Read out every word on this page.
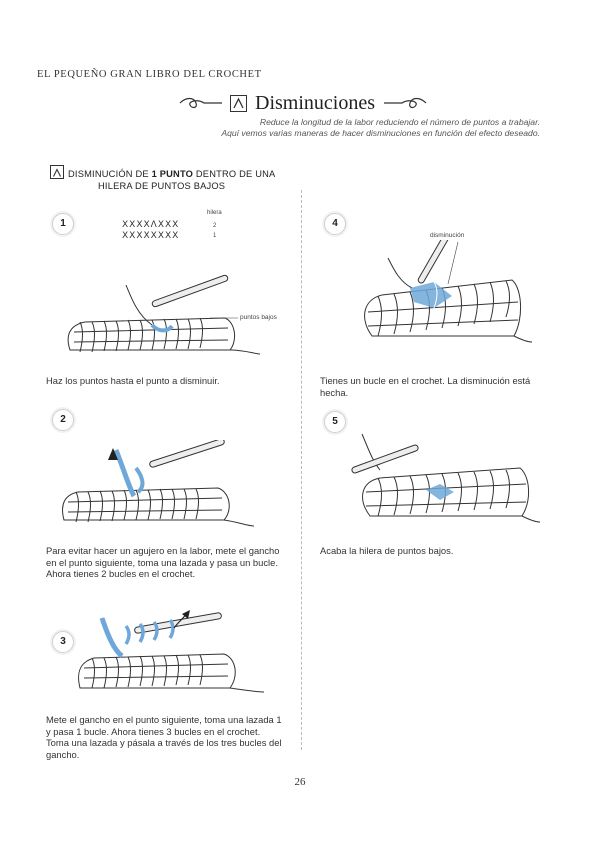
EL PEQUEÑO GRAN LIBRO DEL CROCHET
Disminuciones
Reduce la longitud de la labor reduciendo el número de puntos a trabajar.
Aquí vemos varias maneras de hacer disminuciones en función del efecto deseado.
DISMINUCIÓN DE 1 PUNTO DENTRO DE UNA
HILERA DE PUNTOS BAJOS
1
hilera
XXXXΛXXX	2
XXXXXXXX	1
puntos bajos
Haz los puntos hasta el punto a disminuir.
2
Para evitar hacer un agujero en la labor, mete el gancho en el punto siguiente, toma una lazada y pasa un bucle. Ahora tienes 2 bucles en el crochet.
3
Mete el gancho en el punto siguiente, toma una lazada 1 y pasa 1 bucle. Ahora tienes 3 bucles en el crochet. Toma una lazada y pásala a través de los tres bucles del gancho.
4
disminución
Tienes un bucle en el crochet. La disminución está hecha.
5
Acaba la hilera de puntos bajos.
26
